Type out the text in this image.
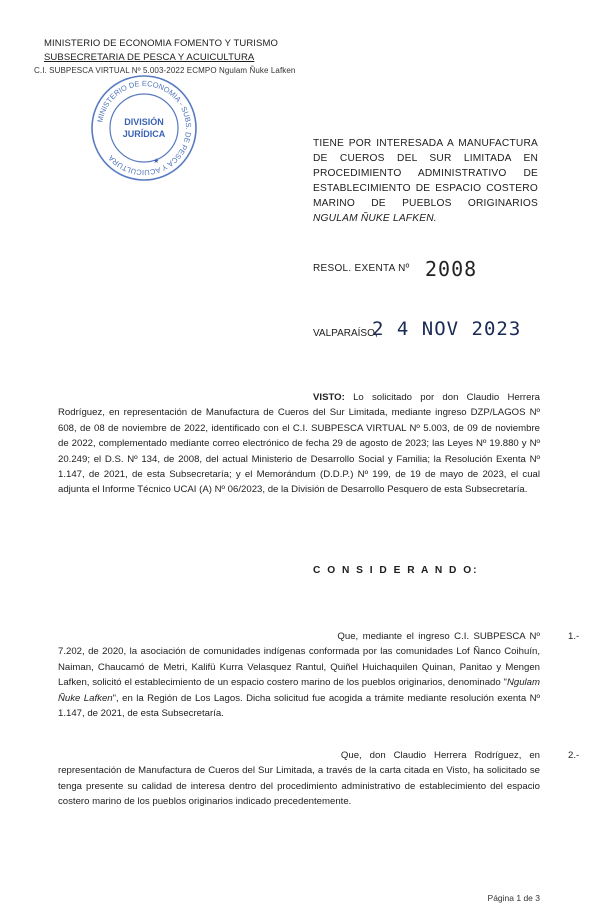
MINISTERIO DE ECONOMIA FOMENTO Y TURISMO
SUBSECRETARIA DE PESCA Y ACUICULTURA
C.I. SUBPESCA VIRTUAL Nº 5.003-2022 ECMPO Ngulam Ñuke Lafken
MINISTERIO DE ECONOMIA - SUBS. DE PESCA Y ACUICULTURA
DIVISIÓN
JURÍDICA
★
TIENE POR INTERESADA A MANUFACTURA DE CUEROS DEL SUR LIMITADA EN PROCEDIMIENTO ADMINISTRATIVO DE ESTABLECIMIENTO DE ESPACIO COSTERO MARINO DE PUEBLOS ORIGINARIOS NGULAM ÑUKE LAFKEN.
RESOL. EXENTA Nº 2008
VALPARAÍSO,
2 4 NOV 2023
VISTO: Lo solicitado por don Claudio Herrera Rodríguez, en representación de Manufactura de Cueros del Sur Limitada, mediante ingreso DZP/LAGOS Nº 608, de 08 de noviembre de 2022, identificado con el C.I. SUBPESCA VIRTUAL Nº 5.003, de 09 de noviembre de 2022, complementado mediante correo electrónico de fecha 29 de agosto de 2023; las Leyes Nº 19.880 y Nº 20.249; el D.S. Nº 134, de 2008, del actual Ministerio de Desarrollo Social y Familia; la Resolución Exenta Nº 1.147, de 2021, de esta Subsecretaría; y el Memorándum (D.D.P.) Nº 199, de 19 de mayo de 2023, el cual adjunta el Informe Técnico UCAI (A) Nº 06/2023, de la División de Desarrollo Pesquero de esta Subsecretaría.
C O N S I D E R A N D O:
1.- Que, mediante el ingreso C.I. SUBPESCA Nº 7.202, de 2020, la asociación de comunidades indígenas conformada por las comunidades Lof Ñanco Coihuín, Naiman, Chaucamó de Metri, Kalifü Kurra Velasquez Rantul, Quiñel Huichaquilen Quinan, Panitao y Mengen Lafken, solicitó el establecimiento de un espacio costero marino de los pueblos originarios, denominado "Ngulam Ñuke Lafken", en la Región de Los Lagos. Dicha solicitud fue acogida a trámite mediante resolución exenta Nº 1.147, de 2021, de esta Subsecretaría.
2.- Que, don Claudio Herrera Rodríguez, en representación de Manufactura de Cueros del Sur Limitada, a través de la carta citada en Visto, ha solicitado se tenga presente su calidad de interesa dentro del procedimiento administrativo de establecimiento del espacio costero marino de los pueblos originarios indicado precedentemente.
Página 1 de 3
